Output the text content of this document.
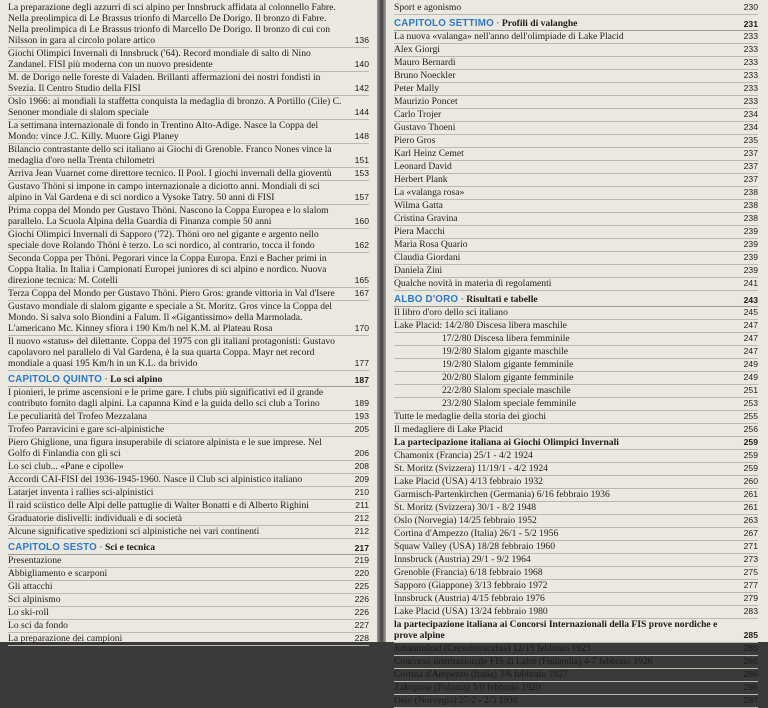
La preparazione degli azzurri di sci alpino per Innsbruck affidata al colonnello Fabre. Nella preolimpica di Le Brassus trionfo di Marcello De Dorigo. Il bronzo di Fabre. Nella preolimpica di Le Brassus trionfo di Marcello De Dorigo. Il bronzo di cui con Nilsson in gara al circolo polare artico	136
Giochi Olimpici Invernali di Innsbruck ('64). Record mondiale di salto di Nino Zandanel. FISI più moderna con un nuovo presidente	140
M. de Dorigo nelle foreste di Valaden. Brillanti affermazioni dei nostri fondisti in Svezia. Il Centro Studio della FISI	142
Oslo 1966: ai mondiali la staffetta conquista la medaglia di bronzo. A Portillo (Cile) C. Senoner mondiale di slalom speciale	144
La settimana internazionale di fondo in Trentino Alto-Adige. Nasce la Coppa del Mondo: vince J.C. Killy. Muore Gigi Planey	148
Bilancio contrastante dello sci italiano ai Giochi di Grenoble. Franco Nones vince la medaglia d'oro nella Trenta chilometri	151
Arriva Jean Vuarnet come direttore tecnico. Il Pool. I giochi invernali della gioventù	153
Gustavo Thöni si impone in campo internazionale a diciotto anni. Mondiali di sci alpino in Val Gardena e di sci nordico a Vysoke Tatry. 50 anni di FISI	157
Prima coppa del Mondo per Gustavo Thöni. Nascono la Coppa Europea e lo slalom parallelo. La Scuola Alpina della Guardia di Finanza compie 50 anni	160
Giochi Olimpici Invernali di Sapporo ('72). Thöni oro nel gigante e argento nello speciale dove Rolando Thöni è terzo. Lo sci nordico, al contrario, tocca il fondo	162
Seconda Coppa per Thöni. Pegorari vince la Coppa Europa. Enzi e Bacher primi in Coppa Italia. In Italia i Campionati Europei juniores di sci alpino e nordico. Nuova direzione tecnica: M. Cotelli	165
Terza Coppa del Mondo per Gustavo Thöni. Piero Gros: grande vittoria in Val d'Isere	167
Gustavo mondiale di slalom gigante e speciale a St. Moritz. Gros vince la Coppa del Mondo. Si salva solo Biondini a Falum. Il «Gigantissimo» della Marmolada. L'americano Mc. Kinney sfiora i 190 Km/h nel K.M. al Plateau Rosa	170
Il nuovo «status» del dilettante. Coppa del 1975 con gli italiani protagonisti: Gustavo capolavoro nel parallelo di Val Gardena, è la sua quarta Coppa. Mayr net record mondiale a quasi 195 Km/h in un K.L. da brivido	177
CAPITOLO QUINTO · Lo sci alpino	187
I pionieri, le prime ascensioni e le prime gare. I clubs più significativi ed il grande contributo fornito dagli alpini. La capanna Kind e la guida dello sci club a Torino	189
Le peculiarità del Trofeo Mezzalana	193
Trofeo Parravicini e gare sci-alpinistiche	205
Piero Ghiglione, una figura insuperabile di sciatore alpinista e le sue imprese. Nel Golfo di Finlandia con gli sci	206
Lo sci club... «Pane e cipolle»	208
Accordi CAI-FISI del 1936-1945-1960. Nasce il Club sci alpinistico italiano	209
Latarjet inventa i rallies sci-alpinistici	210
Il raid sciistico delle Alpi delle pattuglie di Walter Bonatti e di Alberto Righini	211
Graduatorie dislivelli: individuali e di società	212
Alcune significative spedizioni sci alpinistiche nei vari continenti	212
CAPITOLO SESTO · Sci e tecnica	217
Presentazione	219
Abbigliamento e scarponi	220
Gli attacchi	225
Sci alpinismo	226
Lo ski-roll	226
Lo sci da fondo	227
La preparazione dei campioni	228
Sport e agonismo	230
CAPITOLO SETTIMO · Profili di valanghe	231
La nuova «valanga» nell'anno dell'olimpiade di Lake Placid	233
Alex Giorgi	233
Mauro Bernardi	233
Bruno Noeckler	233
Peter Mally	233
Maurizio Poncet	233
Carlo Trojer	234
Gustavo Thoeni	234
Piero Gros	235
Karl Heinz Cemet	237
Leonard David	237
Herbert Plank	237
La «valanga rosa»	238
Wilma Gatta	238
Cristina Gravina	238
Piera Macchi	239
Maria Rosa Quario	239
Claudia Giordani	239
Daniela Zini	239
Qualche novità in materia di regolamenti	241
ALBO D'ORO · Risultati e tabelle	243
Il libro d'oro dello sci italiano	245
Lake Placid: 14/2/80 Discesa libera maschile	247
17/2/80 Discesa libera femminile	247
19/2/80 Slalom gigante maschile	247
19/2/80 Slalom gigante femminile	249
20/2/80 Slalom gigante femminile	249
22/2/80 Slalom speciale maschile	251
23/2/80 Slalom speciale femminile	253
Tutte le medaglie della storia dei giochi	255
Il medagliere di Lake Placid	256
La partecipazione italiana ai Giochi Olimpici Invernali	259
Chamonix (Francia) 25/1 - 4/2 1924	259
St. Moritz (Svizzera) 11/19/1 - 4/2 1924	259
Lake Placid (USA) 4/13 febbraio 1932	260
Garmisch-Partenkirchen (Germania) 6/16 febbraio 1936	261
St. Moritz (Svizzera) 30/1 - 8/2 1948	261
Oslo (Norvegia) 14/25 febbraio 1952	263
Cortina d'Ampezzo (Italia) 26/1 - 5/2 1956	267
Squaw Valley (USA) 18/28 febbraio 1960	271
Innsbruck (Austria) 29/1 - 9/2 1964	273
Grenoble (Francia) 6/18 febbraio 1968	275
Sapporo (Giappone) 3/13 febbraio 1972	277
Innsbruck (Austria) 4/15 febbraio 1976	279
Lake Placid (USA) 13/24 febbraio 1980	283
la partecipazione italiana ai Concorsi Internazionali della FIS prove nordiche e prove alpine	285
Johannisbad (Cecoslovacchia) 12/15 febbraio 1925	285
Concorso internazionale FIS di Lahti (Finlandia) 4-7 febbraio 1926	285
Cortina d'Ampezzo (Italia) 3/6 febbraio 1927	286
Zakopane (Polonia) 5/9 febbraio 1929	286
Oslo (Norvegia) 27/2 - 2/3 1930	287
